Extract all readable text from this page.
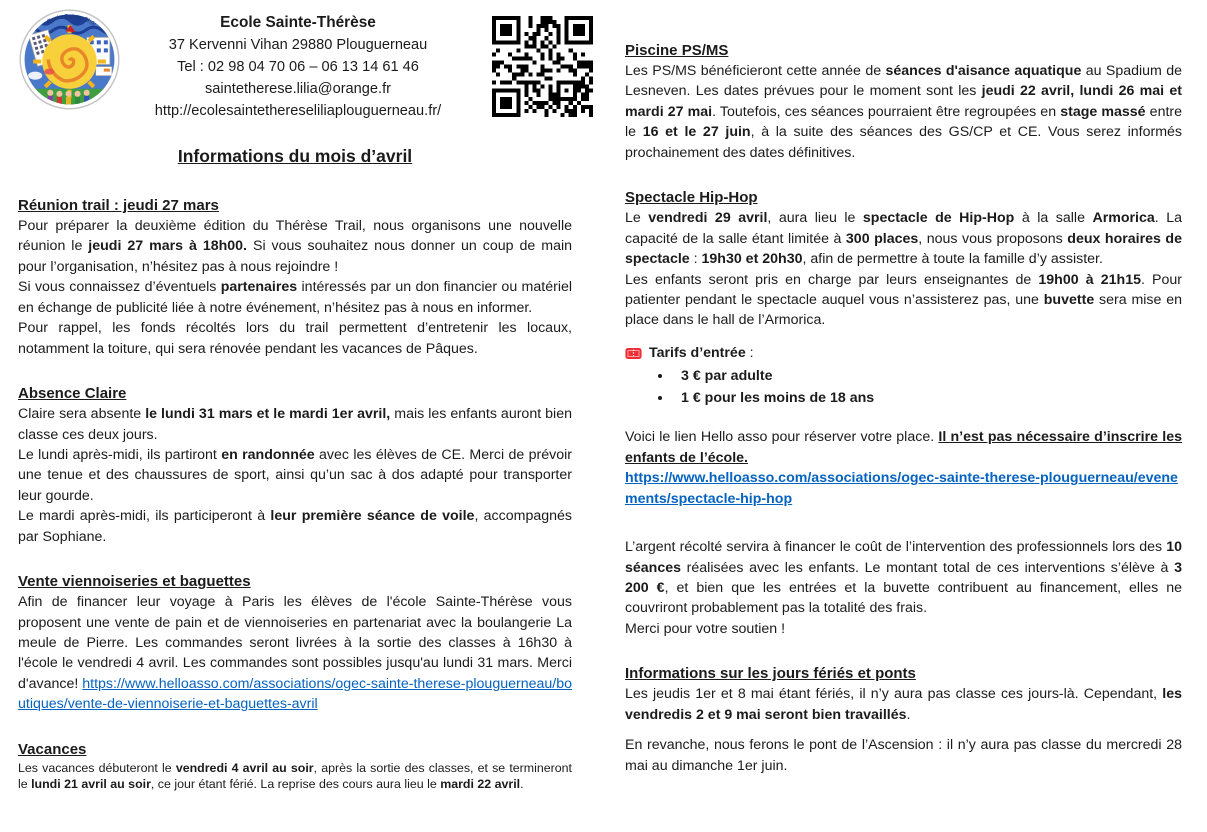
Ecole Sainte-Thér	Ecole Sainte-Thérèse
37 Kervenni Vihan 29880 Plouguerneau
Tel : 02 98 04 70 06 – 06 13 14 61 46
saintetherese.lilia@orange.fr
http://ecolesaintethereseliliaplouguerneau.fr/
Informations du mois d’avril
Réunion trail : jeudi 27 mars

Pour préparer la deuxième édition du Thérèse Trail, nous organisons une nouvelle réunion le jeudi 27 mars à 18h00. Si vous souhaitez nous donner un coup de main pour l’organisation, n’hésitez pas à nous rejoindre !

Si vous connaissez d’éventuels partenaires intéressés par un don financier ou matériel en échange de publicité liée à notre événement, n’hésitez pas à nous en informer.

Pour rappel, les fonds récoltés lors du trail permettent d’entretenir les locaux, notamment la toiture, qui sera rénovée pendant les vacances de Pâques.

Absence Claire

Claire sera absente le lundi 31 mars et le mardi 1er avril, mais les enfants auront bien classe ces deux jours.

Le lundi après-midi, ils partiront en randonnée avec les élèves de CE. Merci de prévoir une tenue et des chaussures de sport, ainsi qu’un sac à dos adapté pour transporter leur gourde.

Le mardi après-midi, ils participeront à leur première séance de voile, accompagnés par Sophiane.

Vente viennoiseries et baguettes

Afin de financer leur voyage à Paris les élèves de l'école Sainte-Thérèse vous proposent une vente de pain et de viennoiseries en partenariat avec la boulangerie La meule de Pierre. Les commandes seront livrées à la sortie des classes à 16h30 à l'école le vendredi 4 avril. Les commandes sont possibles jusqu'au lundi 31 mars. Merci d'avance! https://www.helloasso.com/associations/ogec-sainte-therese-plouguerneau/boutiques/vente-de-viennoiserie-et-baguettes-avril

Vacances

Les vacances débuteront le vendredi 4 avril au soir, après la sortie des classes, et se termineront le lundi 21 avril au soir, ce jour étant férié. La reprise des cours aura lieu le mardi 22 avril.

Piscine PS/MS

Les PS/MS bénéficieront cette année de séances d'aisance aquatique au Spadium de Lesneven. Les dates prévues pour le moment sont les jeudi 22 avril, lundi 26 mai et mardi 27 mai. Toutefois, ces séances pourraient être regroupées en stage massé entre le 16 et le 27 juin, à la suite des séances des GS/CP et CE. Vous serez informés prochainement des dates définitives.

Spectacle Hip-Hop

Le vendredi 29 avril, aura lieu le spectacle de Hip-Hop à la salle Armorica. La capacité de la salle étant limitée à 300 places, nous vous proposons deux horaires de spectacle : 19h30 et 20h30, afin de permettre à toute la famille d’y assister.

Les enfants seront pris en charge par leurs enseignantes de 19h00 à 21h15. Pour patienter pendant le spectacle auquel vous n’assisterez pas, une buvette sera mise en place dans le hall de l’Armorica.

Tarifs d’entrée :
• 3 € par adulte
• 1 € pour les moins de 18 ans

Voici le lien Hello asso pour réserver votre place. Il n’est pas nécessaire d’inscrire les enfants de l’école.

https://www.helloasso.com/associations/ogec-sainte-therese-plouguerneau/evenements/spectacle-hip-hop

L’argent récolté servira à financer le coût de l’intervention des professionnels lors des 10 séances réalisées avec les enfants. Le montant total de ces interventions s’élève à 3 200 €, et bien que les entrées et la buvette contribuent au financement, elles ne couvriront probablement pas la totalité des frais.

Merci pour votre soutien !

Informations sur les jours fériés et ponts

Les jeudis 1er et 8 mai étant fériés, il n’y aura pas classe ces jours-là. Cependant, les vendredis 2 et 9 mai seront bien travaillés.

En revanche, nous ferons le pont de l’Ascension : il n’y aura pas classe du mercredi 28 mai au dimanche 1er juin.
